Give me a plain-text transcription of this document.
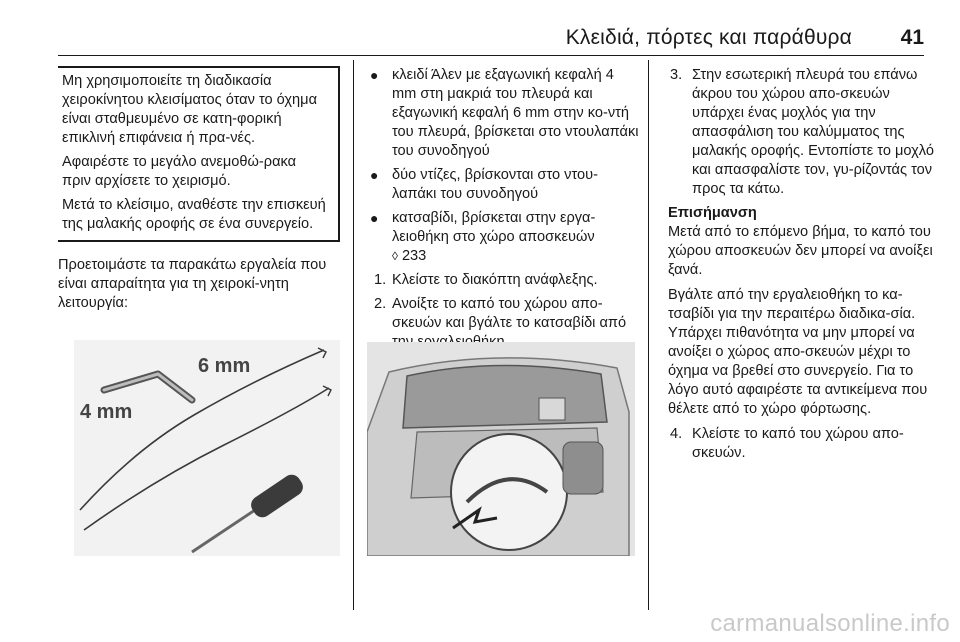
Κλειδιά, πόρτες και παράθυρα 41

Μη χρησιμοποιείτε τη διαδικασία χειροκίνητου κλεισίματος όταν το όχημα είναι σταθμευμένο σε κατη-φορική επικλινή επιφάνεια ή πρα-νές.

Αφαιρέστε το μεγάλο ανεμοθώ-ρακα πριν αρχίσετε το χειρισμό.

Μετά το κλείσιμο, αναθέστε την επισκευή της μαλακής οροφής σε ένα συνεργείο.

Προετοιμάστε τα παρακάτω εργαλεία που είναι απαραίτητα για τη χειροκί-νητη λειτουργία:

6 mm
4 mm
● κλειδί Άλεν με εξαγωνική κεφαλή 4 mm στη μακριά του πλευρά και εξαγωνική κεφαλή 6 mm στην κο-ντή του πλευρά, βρίσκεται στο ντουλαπάκι του συνοδηγού
● δύο ντίζες, βρίσκονται στο ντου-λαπάκι του συνοδηγού
● κατσαβίδι, βρίσκεται στην εργα-λειοθήκη στο χώρο αποσκευών
◊ 233
1. Κλείστε το διακόπτη ανάφλεξης.
2. Ανοίξτε το καπό του χώρου απο-σκευών και βγάλτε το κατσαβίδι από
3. Στην εσωτερική πλευρά του επάνω άκρου του χώρου απο-σκευών υπάρχει ένας μοχλός για την απασφάλιση του καλύμματος της μαλακής οροφής. Εντοπίστε το μοχλό και απασφαλίστε τον, γυ-ρίζοντάς τον προς τα κάτω.

Επισήμανση

Μετά από το επόμενο βήμα, το καπό του χώρου αποσκευών δεν μπορεί να ανοίξει ξανά.

Βγάλτε από την εργαλειοθήκη το κα-τσαβίδι για την περαιτέρω διαδικα-σία. Υπάρχει πιθανότητα να μην μπορεί να ανοίξει ο χώρος απο-σκευών μέχρι το όχημα να βρεθεί στο συνεργείο. Για το λόγο αυτό αφαιρέστε τα αντικείμενα που θέλετε από το χώρο φόρτωσης.

4. Κλείστε το καπό του χώρου απο-σκευών.
carmanualsonline.info
